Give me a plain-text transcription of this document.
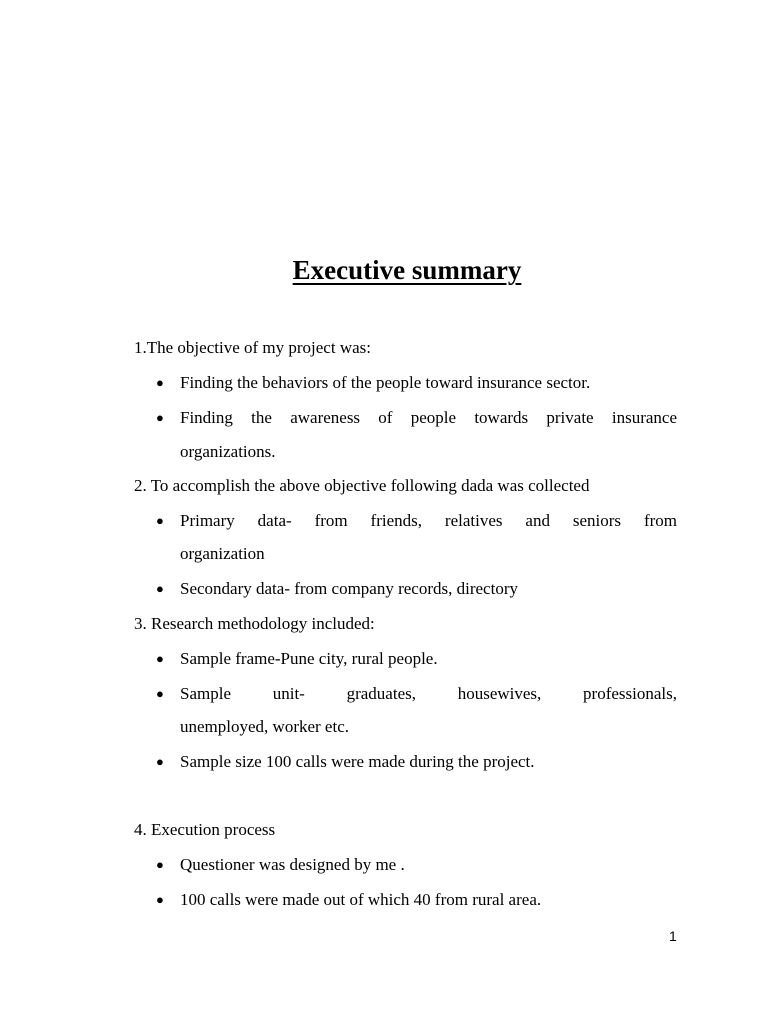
Executive summary
1.The objective of my project was:
● Finding the behaviors of the people toward insurance sector.
● Finding the awareness of people towards private insurance
organizations.
2. To accomplish the above objective following dada was collected
● Primary data- from friends, relatives and seniors from
organization
● Secondary data- from company records, directory
3. Research methodology included:
● Sample frame-Pune city, rural people.
● Sample unit- graduates, housewives, professionals,
unemployed, worker etc.
● Sample size 100 calls were made during the project.
4. Execution process
● Questioner was designed by me .
● 100 calls were made out of which 40 from rural area.
1
